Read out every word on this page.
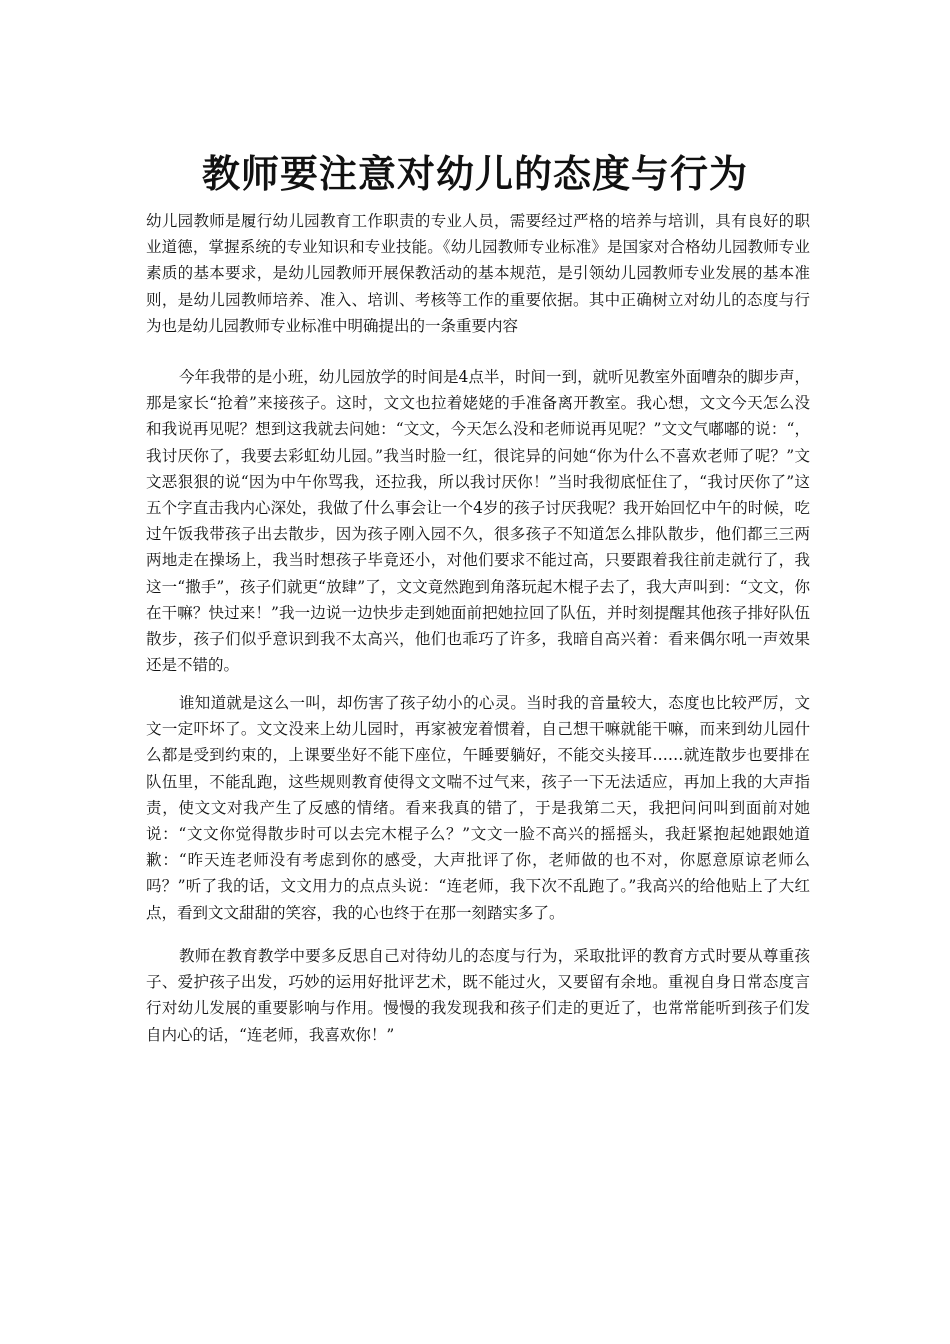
教师要注意对幼儿的态度与行为

幼儿园教师是履行幼儿园教育工作职责的专业人员，需要经过严格的培养与培训，具有良好的职业道德，掌握系统的专业知识和专业技能。《幼儿园教师专业标准》是国家对合格幼儿园教师专业素质的基本要求，是幼儿园教师开展保教活动的基本规范，是引领幼儿园教师专业发展的基本准则，是幼儿园教师培养、准入、培训、考核等工作的重要依据。其中正确树立对幼儿的态度与行为也是幼儿园教师专业标准中明确提出的一条重要内容

今年我带的是小班，幼儿园放学的时间是4点半，时间一到，就听见教室外面嘈杂的脚步声，那是家长“抢着”来接孩子。这时，文文也拉着姥姥的手准备离开教室。我心想，文文今天怎么没和我说再见呢？想到这我就去问她：“文文，今天怎么没和老师说再见呢？”文文气嘟嘟的说：“，我讨厌你了，我要去彩虹幼儿园。”我当时脸一红，很诧异的问她“你为什么不喜欢老师了呢？”文文恶狠狠的说“因为中午你骂我，还拉我，所以我讨厌你！”当时我彻底怔住了，“我讨厌你了”这五个字直击我内心深处，我做了什么事会让一个4岁的孩子讨厌我呢？我开始回忆中午的时候，吃过午饭我带孩子出去散步，因为孩子刚入园不久，很多孩子不知道怎么排队散步，他们都三三两两地走在操场上，我当时想孩子毕竟还小，对他们要求不能过高，只要跟着我往前走就行了，我这一“撒手”，孩子们就更“放肆”了，文文竟然跑到角落玩起木棍子去了，我大声叫到：“文文，你在干嘛？快过来！”我一边说一边快步走到她面前把她拉回了队伍，并时刻提醒其他孩子排好队伍散步，孩子们似乎意识到我不太高兴，他们也乖巧了许多，我暗自高兴着：看来偶尔吼一声效果还是不错的。

谁知道就是这么一叫，却伤害了孩子幼小的心灵。当时我的音量较大，态度也比较严厉，文文一定吓坏了。文文没来上幼儿园时，再家被宠着惯着，自己想干嘛就能干嘛，而来到幼儿园什么都是受到约束的，上课要坐好不能下座位，午睡要躺好，不能交头接耳……就连散步也要排在队伍里，不能乱跑，这些规则教育使得文文喘不过气来，孩子一下无法适应，再加上我的大声指责，使文文对我产生了反感的情绪。看来我真的错了，于是我第二天，我把问问叫到面前对她说：“文文你觉得散步时可以去完木棍子么？”文文一脸不高兴的摇摇头，我赶紧抱起她跟她道歉：“昨天连老师没有考虑到你的感受，大声批评了你，老师做的也不对，你愿意原谅老师么吗？”听了我的话，文文用力的点点头说：“连老师，我下次不乱跑了。”我高兴的给他贴上了大红点，看到文文甜甜的笑容，我的心也终于在那一刻踏实多了。

教师在教育教学中要多反思自己对待幼儿的态度与行为，采取批评的教育方式时要从尊重孩子、爱护孩子出发，巧妙的运用好批评艺术，既不能过火，又要留有余地。重视自身日常态度言行对幼儿发展的重要影响与作用。慢慢的我发现我和孩子们走的更近了，也常常能听到孩子们发自内心的话，“连老师，我喜欢你！”
